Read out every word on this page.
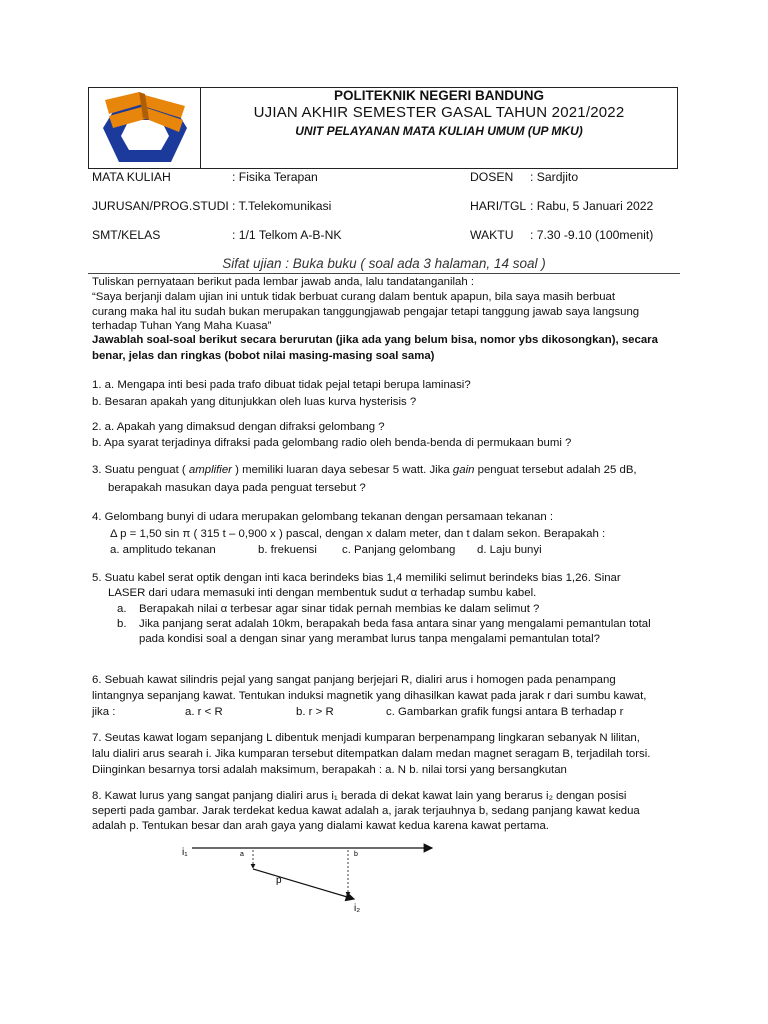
POLITEKNIK NEGERI BANDUNG
UJIAN AKHIR SEMESTER GASAL TAHUN 2021/2022
UNIT PELAYANAN MATA KULIAH UMUM (UP MKU)
MATA KULIAH	: Fisika Terapan	DOSEN : Sardjito
JURUSAN/PROG.STUDI : T.Telekomunikasi	HARI/TGL : Rabu, 5 Januari 2022
SMT/KELAS	: 1/1 Telkom A-B-NK	WAKTU : 7.30 -9.10 (100menit)
Sifat ujian : Buka buku ( soal ada 3 halaman, 14 soal )
Tuliskan pernyataan berikut pada lembar jawab anda, lalu tandatanganilah :
“Saya berjanji dalam ujian ini untuk tidak berbuat curang dalam bentuk apapun, bila saya masih berbuat
curang maka hal itu sudah bukan merupakan tanggungjawab pengajar tetapi tanggung jawab saya langsung
terhadap Tuhan Yang Maha Kuasa”
Jawablah soal-soal berikut secara berurutan (jika ada yang belum bisa, nomor ybs dikosongkan), secara
benar, jelas dan ringkas (bobot nilai masing-masing soal sama)
1. a. Mengapa inti besi pada trafo dibuat tidak pejal tetapi berupa laminasi?
b. Besaran apakah yang ditunjukkan oleh luas kurva hysterisis ?
2. a. Apakah yang dimaksud dengan difraksi gelombang ?
b. Apa syarat terjadinya difraksi pada gelombang radio oleh benda-benda di permukaan bumi ?
3. Suatu penguat ( amplifier ) memiliki luaran daya sebesar 5 watt. Jika gain penguat tersebut adalah 25 dB,
berapakah masukan daya pada penguat tersebut ?
4. Gelombang bunyi di udara merupakan gelombang tekanan dengan persamaan tekanan :
Δ p = 1,50 sin π ( 315 t – 0,900 x ) pascal, dengan x dalam meter, dan t dalam sekon. Berapakah :
a. amplitudo tekanan	b. frekuensi c. Panjang gelombang d. Laju bunyi
5. Suatu kabel serat optik dengan inti kaca berindeks bias 1,4 memiliki selimut berindeks bias 1,26. Sinar
LASER dari udara memasuki inti dengan membentuk sudut α terhadap sumbu kabel.
a. Berapakah nilai α terbesar agar sinar tidak pernah membias ke dalam selimut ?
b. Jika panjang serat adalah 10km, berapakah beda fasa antara sinar yang mengalami pemantulan total
pada kondisi soal a dengan sinar yang merambat lurus tanpa mengalami pemantulan total?
6. Sebuah kawat silindris pejal yang sangat panjang berjejari R, dialiri arus i homogen pada penampang
lintangnya sepanjang kawat. Tentukan induksi magnetik yang dihasilkan kawat pada jarak r dari sumbu kawat,
jika :	a. r < R	b. r > R	c. Gambarkan grafik fungsi antara B terhadap r
7. Seutas kawat logam sepanjang L dibentuk menjadi kumparan berpenampang lingkaran sebanyak N lilitan,
lalu dialiri arus searah i. Jika kumparan tersebut ditempatkan dalam medan magnet seragam B, terjadilah torsi.
Diinginkan besarnya torsi adalah maksimum, berapakah : a. N b. nilai torsi yang bersangkutan
8. Kawat lurus yang sangat panjang dialiri arus i₁ berada di dekat kawat lain yang berarus i₂ dengan posisi
seperti pada gambar. Jarak terdekat kedua kawat adalah a, jarak terjauhnya b, sedang panjang kawat kedua
adalah p. Tentukan besar dan arah gaya yang dialami kawat kedua karena kawat pertama.
i₁	a	b
p
i₂
